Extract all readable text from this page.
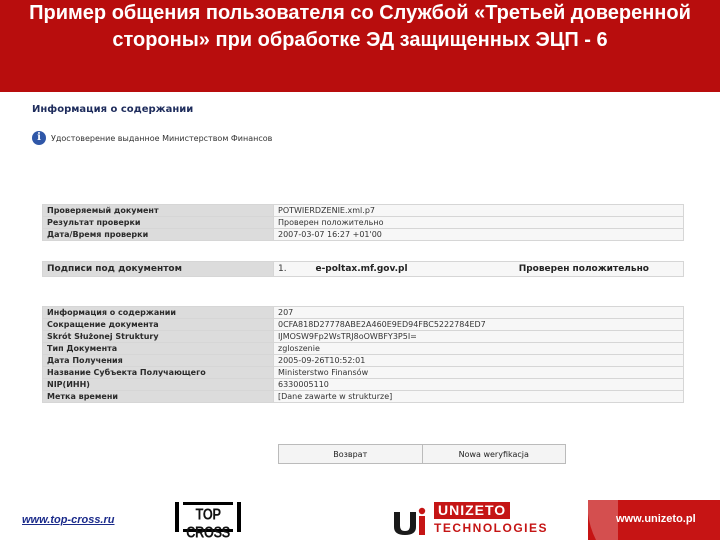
Пример общения пользователя со Службой «Третьей доверенной стороны» при обработке ЭД защищенных ЭЦП - 6
Информация о содержании
i	Удостоверение выданное Министерством Финансов
Проверяемый документ	POTWIERDZENIE.xml.p7
Результат проверки	Проверен положительно
Дата/Время проверки	2007-03-07 16:27 +01'00
Подписи под документом	1.	e-poltax.mf.gov.pl	Проверен положительно
Информация о содержании	207
Сокращение документа	0CFA818D27778ABE2A460E9ED94FBC5222784ED7
Skrót Służonej Struktury	IJMOSW9Fp2WsTRJ8oOWBFY3P5I=
Тип Документа	zgloszenie
Дата Получения	2005-09-26T10:52:01
Название Субъекта Получающего	Ministerstwo Finansów
NIP(ИНН)	6330005110
Метка времени	[Dane zawarte w strukturze]
Возврат	Nowa weryfikacja
www.top-cross.ru	TOP CROSS
UNIZETO
TECHNOLOGIES
www.unizeto.pl
